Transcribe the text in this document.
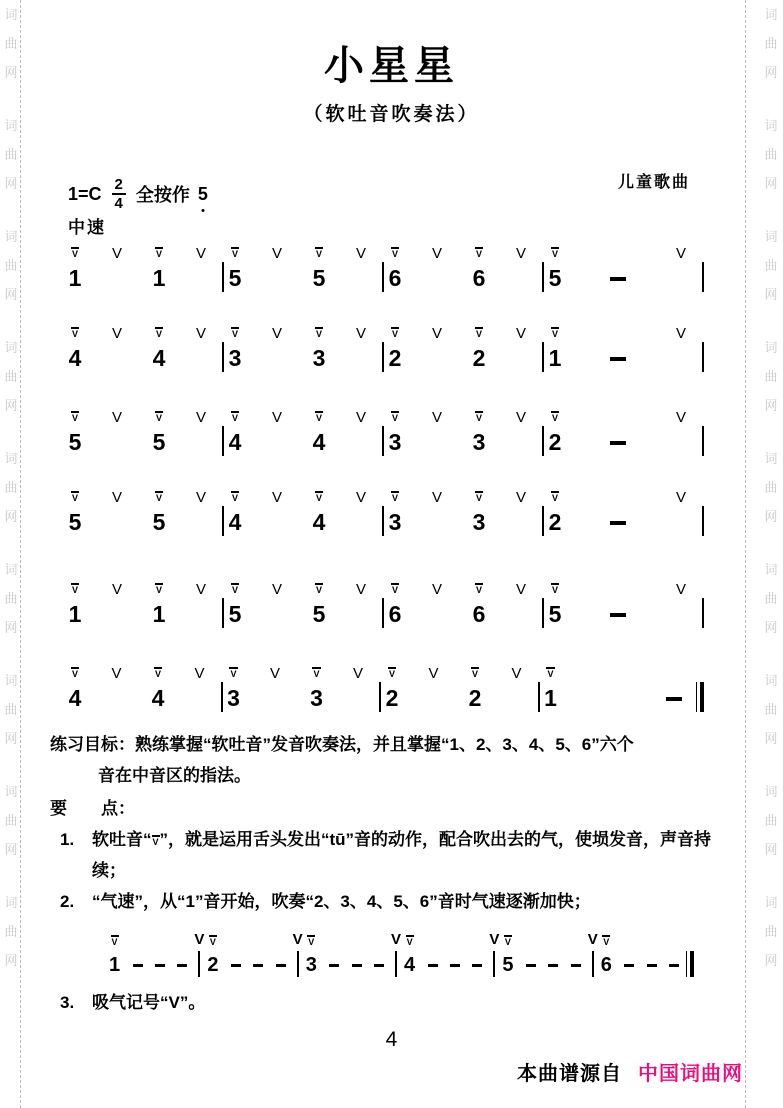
词
曲
网
词
曲
网
词
曲
网
词
曲
网
词
曲
网
词
曲
网
词
曲
网
词
曲
网
词
曲
网
词
曲
网
词
曲
网
词
曲
网
词
曲
网
词
曲
网
词
曲
网
词
曲
网
词
曲
网
词
曲
网
小星星
（软吐音吹奏法）
儿童歌曲
$1=C \frac{2}{4}$ 全按作 5
中速
V
1
V	V
1
V	V
5
V	V
5
V	V
6
V	V
6
V	V
5
V
V
4
V	V
4
V	V
3
V	V
3
V	V
2
V	V
2
V	V
1
V
V
5
V	V
5
V	V
4
V	V
4
V	V
3
V	V
3
V	V
2
V
V
5
V	V
5
V	V
4
V	V
4
V	V
3
V	V
3
V	V
2
V
V
1
V	V
1
V	V
5
V	V
5
V	V
6
V	V
6
V	V
5
V
V
4
V	V
4
V	V
3
V	V
3
V	V
2
V	V
2
V	V
1
练习目标： 熟练掌握“软吐音”发音吹奏法，并且掌握“1、2、3、4、5、6”六个
音在中音区的指法。
要　　点：
1.	软吐音“V”，就是运用舌头发出“tū”音的动作，配合吹出去的气，使埙发音，声音持续；
2.	“气速”，从“1”音开始，吹奏“2、3、4、5、6”音时气速逐渐加快；
V
1
V V
2
V V
3
V V
4
V V
5
V V
6
3.	吸气记号“V”。
4
本曲谱源自 中国词曲网
